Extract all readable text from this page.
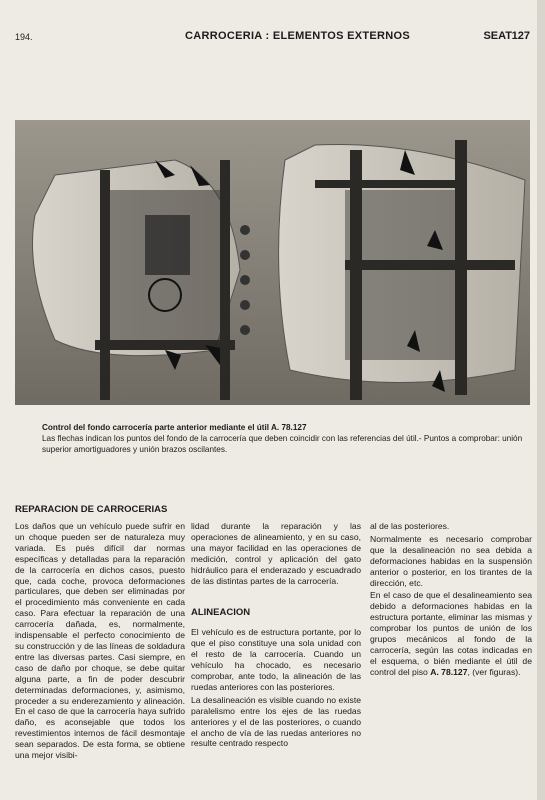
194.	CARROCERIA : ELEMENTOS EXTERNOS	SEAT 127
Control del fondo carrocería parte anterior mediante el útil A. 78.127
Las flechas indican los puntos del fondo de la carrocería que deben coincidir con las referencias del útil.- Puntos a comprobar: unión superior amortiguadores y unión brazos oscilantes.
REPARACION DE CARROCERIAS

Los daños que un vehículo puede sufrir en un choque pueden ser de naturaleza muy variada. Es pués difícil dar normas específicas y detalladas para la reparación de la carrocería en dichos casos, puesto que, cada coche, provoca deformaciones particulares, que deben ser eliminadas por el procedimiento más conveniente en cada caso. Para efectuar la reparación de una carrocería dañada, es, normalmente, indispensable el perfecto conocimiento de su construcción y de las líneas de soldadura entre las diversas partes. Casi siempre, en caso de daño por choque, se debe quitar alguna parte, a fin de poder descubrir determinadas deformaciones, y, asimismo, proceder a su enderezamiento y alineación. En el caso de que la carrocería haya sufrido daño, es aconsejable que todos los revestimientos internos de fácil desmontaje sean separados. De esta forma, se obtiene una mejor visibi-

lidad durante la reparación y las operaciones de alineamiento, y en su caso, una mayor facilidad en las operaciones de medición, control y aplicación del gato hidráulico para el enderazado y escuadrado de las distintas partes de la carrocería.

ALINEACION

El vehículo es de estructura portante, por lo que el piso constituye una sola unidad con el resto de la carrocería. Cuando un vehículo ha chocado, es necesario comprobar, ante todo, la alineación de las ruedas anteriores con las posteriores.

La desalineación es visible cuando no existe paralelismo entre los ejes de las ruedas anteriores y el de las posteriores, o cuando el ancho de vía de las ruedas anteriores no resulte centrado respecto

al de las posteriores.

Normalmente es necesario comprobar que la desalineación no sea debida a deformaciones habidas en la suspensión anterior o posterior, en los tirantes de la dirección, etc.

En el caso de que el desalineamiento sea debido a deformaciones habidas en la estructura portante, eliminar las mismas y comprobar los puntos de unión de los grupos mecánicos al fondo de la carrocería, según las cotas indicadas en el esquema, o bién mediante el útil de control del piso A. 78.127, (ver figuras).
